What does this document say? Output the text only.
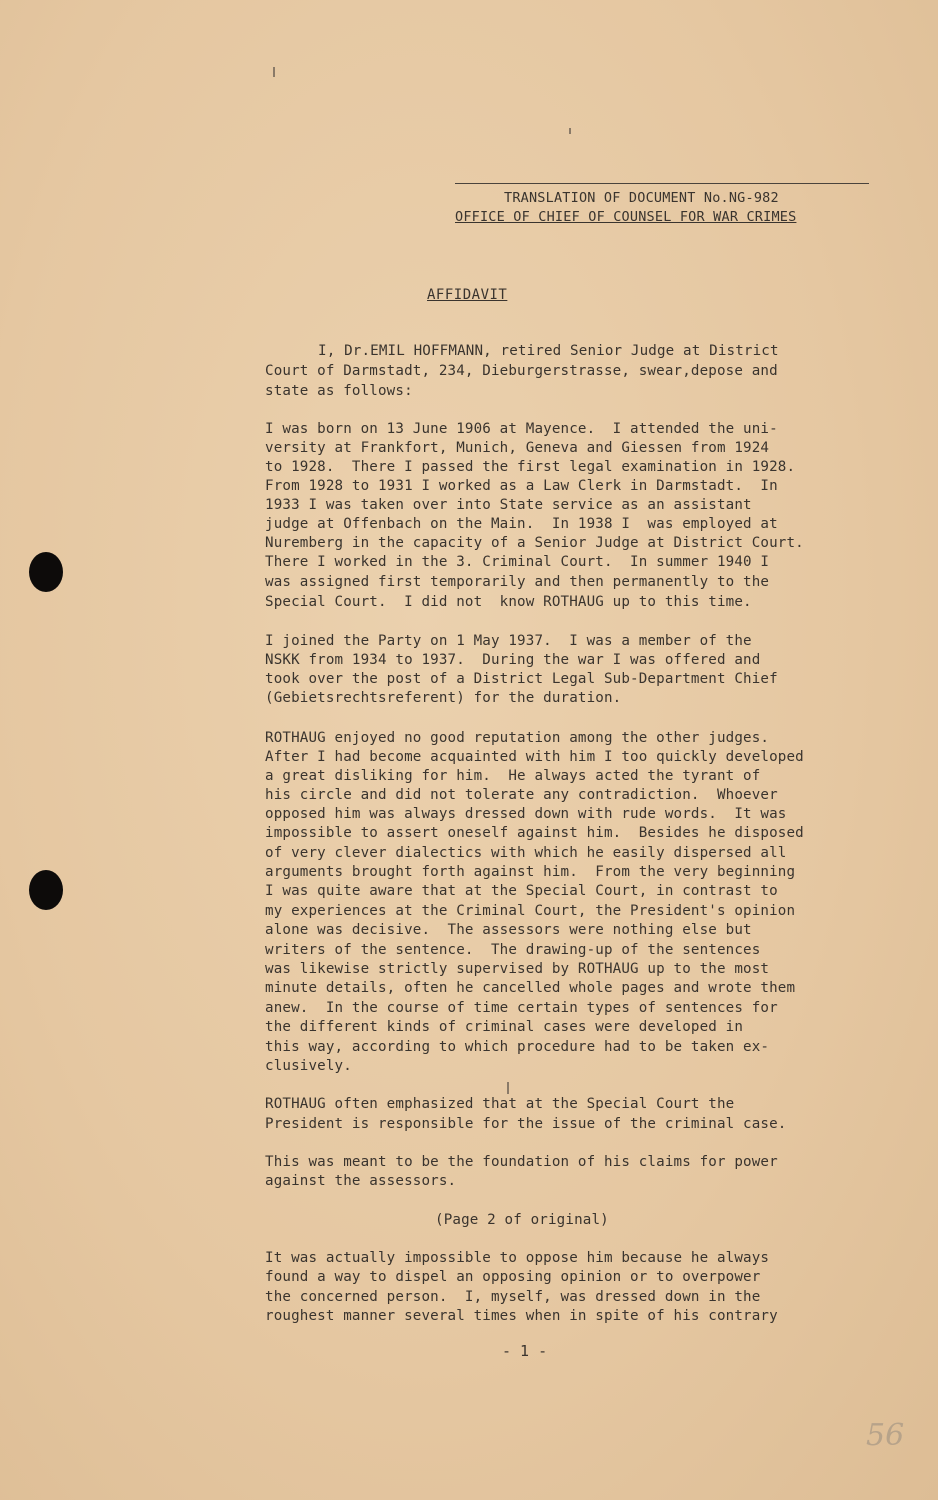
TRANSLATION OF DOCUMENT No.NG-982
OFFICE OF CHIEF OF COUNSEL FOR WAR CRIMES
AFFIDAVIT
I, Dr.EMIL HOFFMANN, retired Senior Judge at District
Court of Darmstadt, 234, Dieburgerstrasse, swear,depose and
state as follows:
I was born on 13 June 1906 at Mayence.  I attended the uni-
versity at Frankfort, Munich, Geneva and Giessen from 1924
to 1928.  There I passed the first legal examination in 1928.
From 1928 to 1931 I worked as a Law Clerk in Darmstadt.  In
1933 I was taken over into State service as an assistant
judge at Offenbach on the Main.  In 1938 I  was employed at
Nuremberg in the capacity of a Senior Judge at District Court.
There I worked in the 3. Criminal Court.  In summer 1940 I
was assigned first temporarily and then permanently to the
Special Court.  I did not  know ROTHAUG up to this time.
I joined the Party on 1 May 1937.  I was a member of the
NSKK from 1934 to 1937.  During the war I was offered and
took over the post of a District Legal Sub-Department Chief
(Gebietsrechtsreferent) for the duration.
ROTHAUG enjoyed no good reputation among the other judges.
After I had become acquainted with him I too quickly developed
a great disliking for him.  He always acted the tyrant of
his circle and did not tolerate any contradiction.  Whoever
opposed him was always dressed down with rude words.  It was
impossible to assert oneself against him.  Besides he disposed
of very clever dialectics with which he easily dispersed all
arguments brought forth against him.  From the very beginning
I was quite aware that at the Special Court, in contrast to
my experiences at the Criminal Court, the President's opinion
alone was decisive.  The assessors were nothing else but
writers of the sentence.  The drawing-up of the sentences
was likewise strictly supervised by ROTHAUG up to the most
minute details, often he cancelled whole pages and wrote them
anew.  In the course of time certain types of sentences for
the different kinds of criminal cases were developed in
this way, according to which procedure had to be taken ex-
clusively.
ROTHAUG often emphasized that at the Special Court the
President is responsible for the issue of the criminal case.
This was meant to be the foundation of his claims for power
against the assessors.
(Page 2 of original)
It was actually impossible to oppose him because he always
found a way to dispel an opposing opinion or to overpower
the concerned person.  I, myself, was dressed down in the
roughest manner several times when in spite of his contrary
- 1 -
56
